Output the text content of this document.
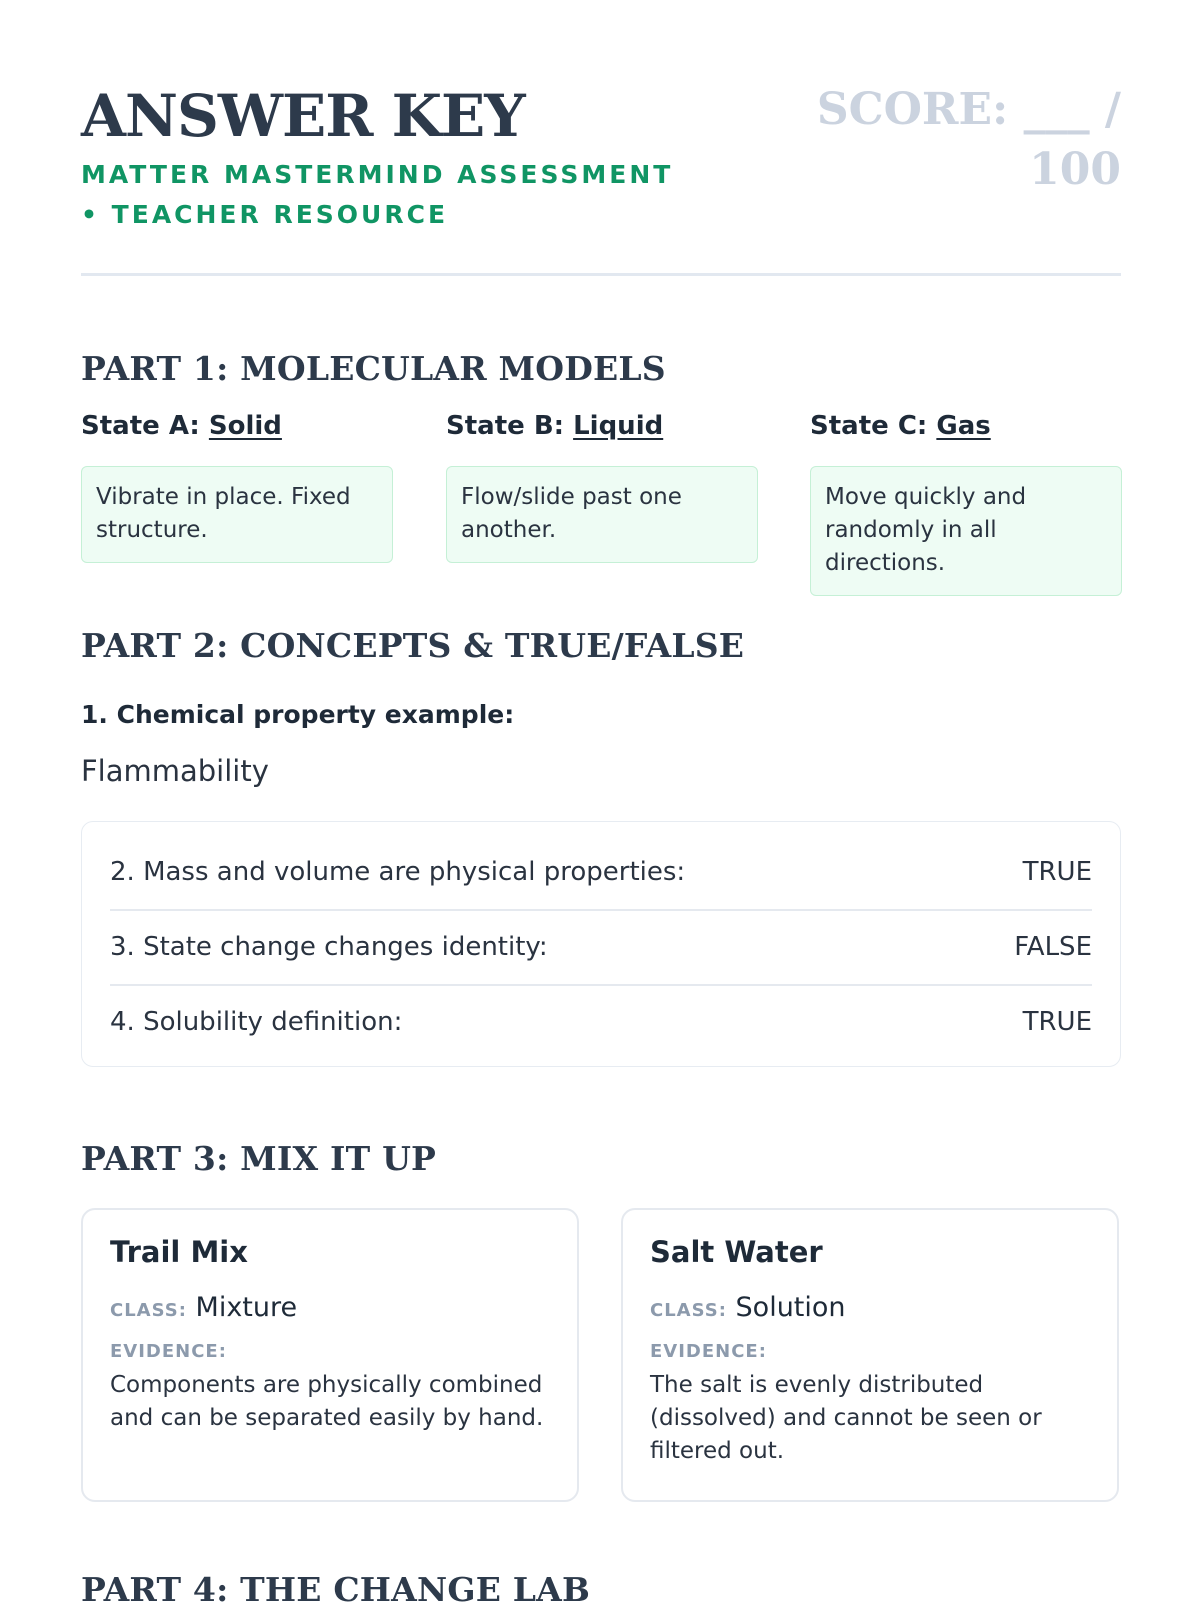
ANSWER KEY
MATTER MASTERMIND ASSESSMENT • TEACHER RESOURCE
SCORE: ___ / 100
PART 1: MOLECULAR MODELS
State A: Solid
Vibrate in place. Fixed structure.
State B: Liquid
Flow/slide past one another.
State C: Gas
Move quickly and randomly in all directions.
PART 2: CONCEPTS & TRUE/FALSE
1. Chemical property example:
Flammability
2. Mass and volume are physical properties:	TRUE
3. State change changes identity:	FALSE
4. Solubility definition:	TRUE
PART 3: MIX IT UP
Trail Mix
CLASS: Mixture
EVIDENCE:
Components are physically combined and can be separated easily by hand.
Salt Water
CLASS: Solution
EVIDENCE:
The salt is evenly distributed (dissolved) and cannot be seen or filtered out.
PART 4: THE CHANGE LAB
